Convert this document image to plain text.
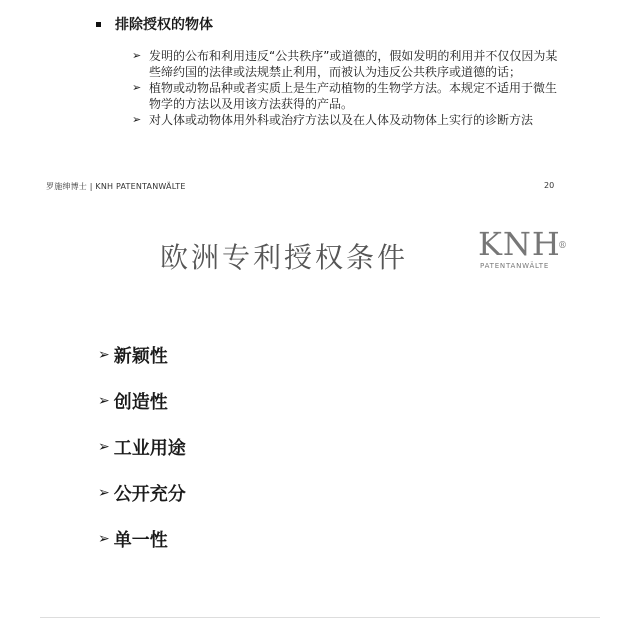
排除授权的物体
➢ 发明的公布和利用违反“公共秩序”或道德的，假如发明的利用并不仅仅因为某些缔约国的法律或法规禁止利用，而被认为违反公共秩序或道德的话；
➢ 植物或动物品种或者实质上是生产动植物的生物学方法。本规定不适用于微生物学的方法以及用该方法获得的产品。
➢ 对人体或动物体用外科或治疗方法以及在人体及动物体上实行的诊断方法
罗施绅博士 | KNH PATENTANWÄLTE	20
欧洲专利授权条件 KNH
®
PATENTANWÄLTE
➢ 新颖性
➢ 创造性
➢ 工业用途
➢ 公开充分
➢ 单一性
